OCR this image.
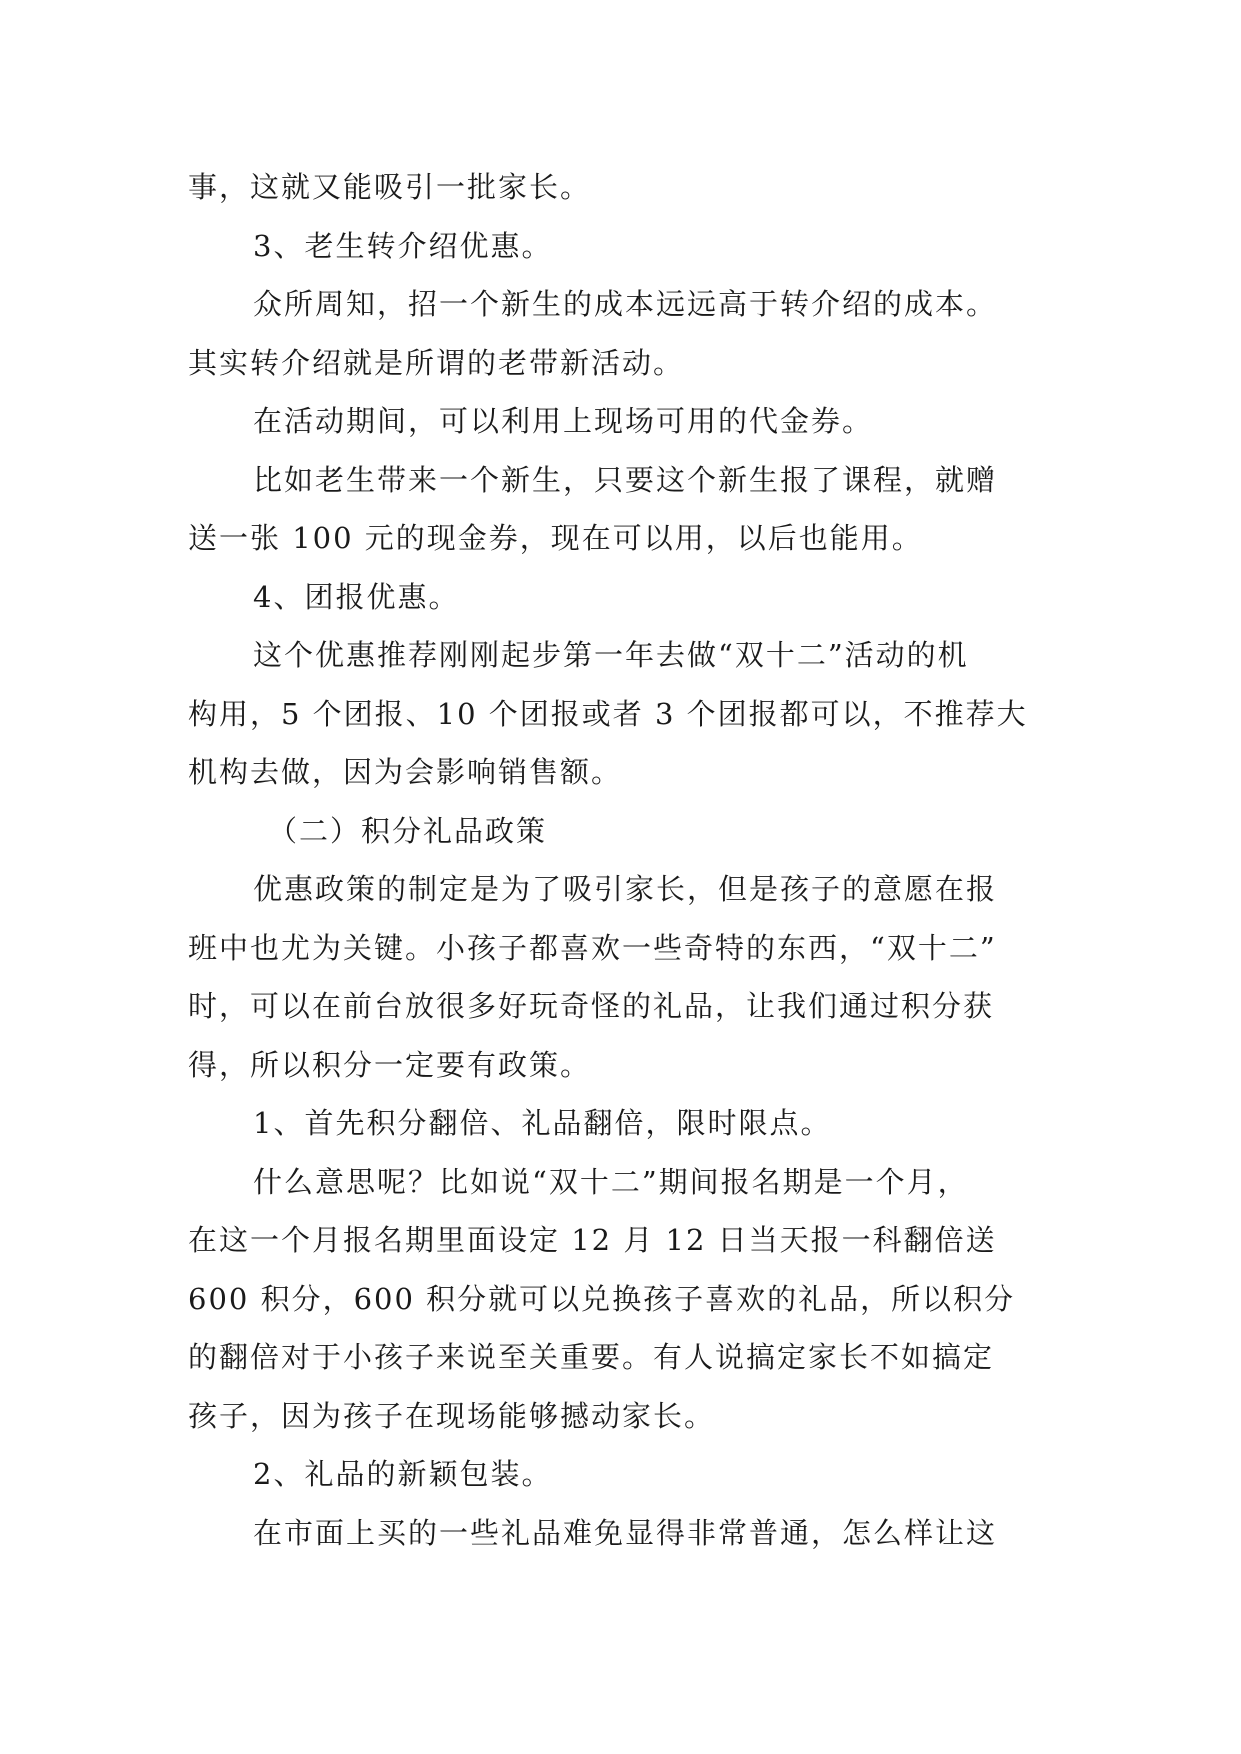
事，这就又能吸引一批家长。
3、老生转介绍优惠。
众所周知，招一个新生的成本远远高于转介绍的成本。
其实转介绍就是所谓的老带新活动。
在活动期间，可以利用上现场可用的代金券。
比如老生带来一个新生，只要这个新生报了课程，就赠
送一张 100 元的现金券，现在可以用，以后也能用。
4、团报优惠。
这个优惠推荐刚刚起步第一年去做“双十二”活动的机
构用，5 个团报、10 个团报或者 3 个团报都可以，不推荐大
机构去做，因为会影响销售额。
（二）积分礼品政策
优惠政策的制定是为了吸引家长，但是孩子的意愿在报
班中也尤为关键。小孩子都喜欢一些奇特的东西，“双十二”
时，可以在前台放很多好玩奇怪的礼品，让我们通过积分获
得，所以积分一定要有政策。
1、首先积分翻倍、礼品翻倍，限时限点。
什么意思呢？比如说“双十二”期间报名期是一个月，
在这一个月报名期里面设定 12 月 12 日当天报一科翻倍送
600 积分，600 积分就可以兑换孩子喜欢的礼品，所以积分
的翻倍对于小孩子来说至关重要。有人说搞定家长不如搞定
孩子，因为孩子在现场能够撼动家长。
2、礼品的新颖包装。
在市面上买的一些礼品难免显得非常普通，怎么样让这
